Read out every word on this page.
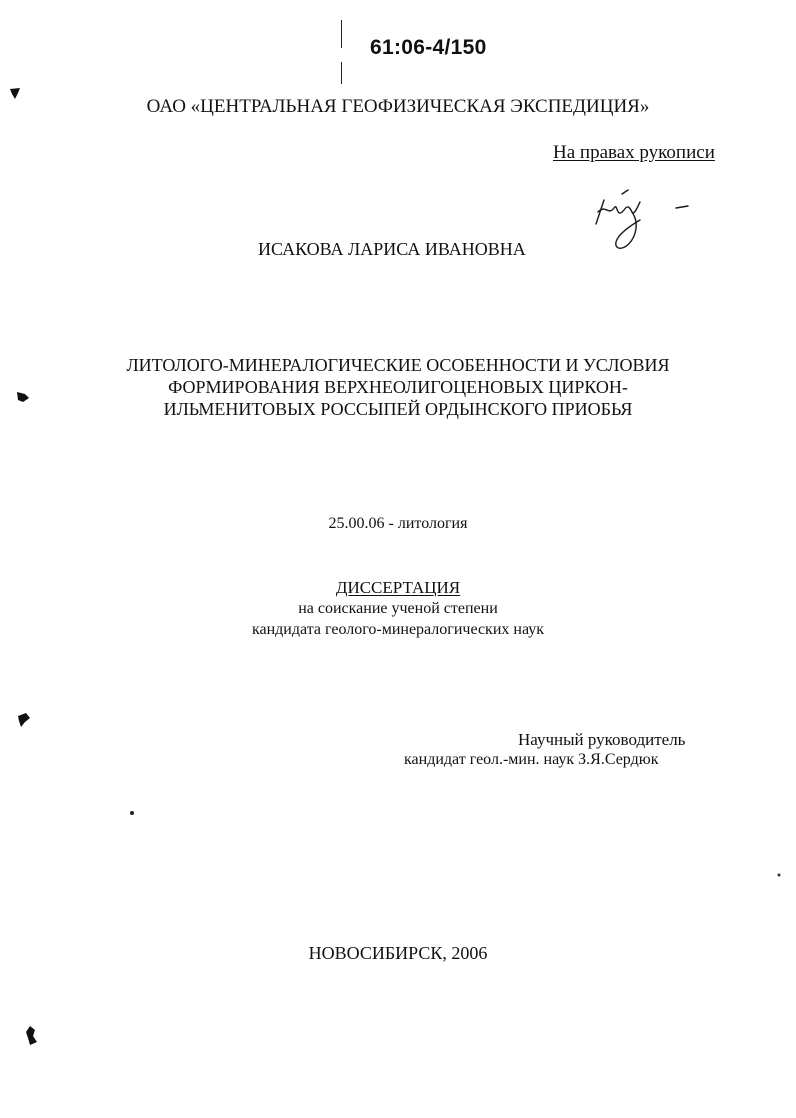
61:06-4/150

ОАО «ЦЕНТРАЛЬНАЯ ГЕОФИЗИЧЕСКАЯ ЭКСПЕДИЦИЯ»

На правах рукописи

ИСАКОВА ЛАРИСА ИВАНОВНА

ЛИТОЛОГО-МИНЕРАЛОГИЧЕСКИЕ ОСОБЕННОСТИ И УСЛОВИЯ
ФОРМИРОВАНИЯ ВЕРХНЕОЛИГОЦЕНОВЫХ ЦИРКОН-
ИЛЬМЕНИТОВЫХ РОССЫПЕЙ ОРДЫНСКОГО ПРИОБЬЯ

25.00.06 - литология

ДИССЕРТАЦИЯ

на соискание ученой степени

кандидата геолого-минералогических наук

Научный руководитель

кандидат геол.-мин. наук З.Я.Сердюк

НОВОСИБИРСК, 2006
